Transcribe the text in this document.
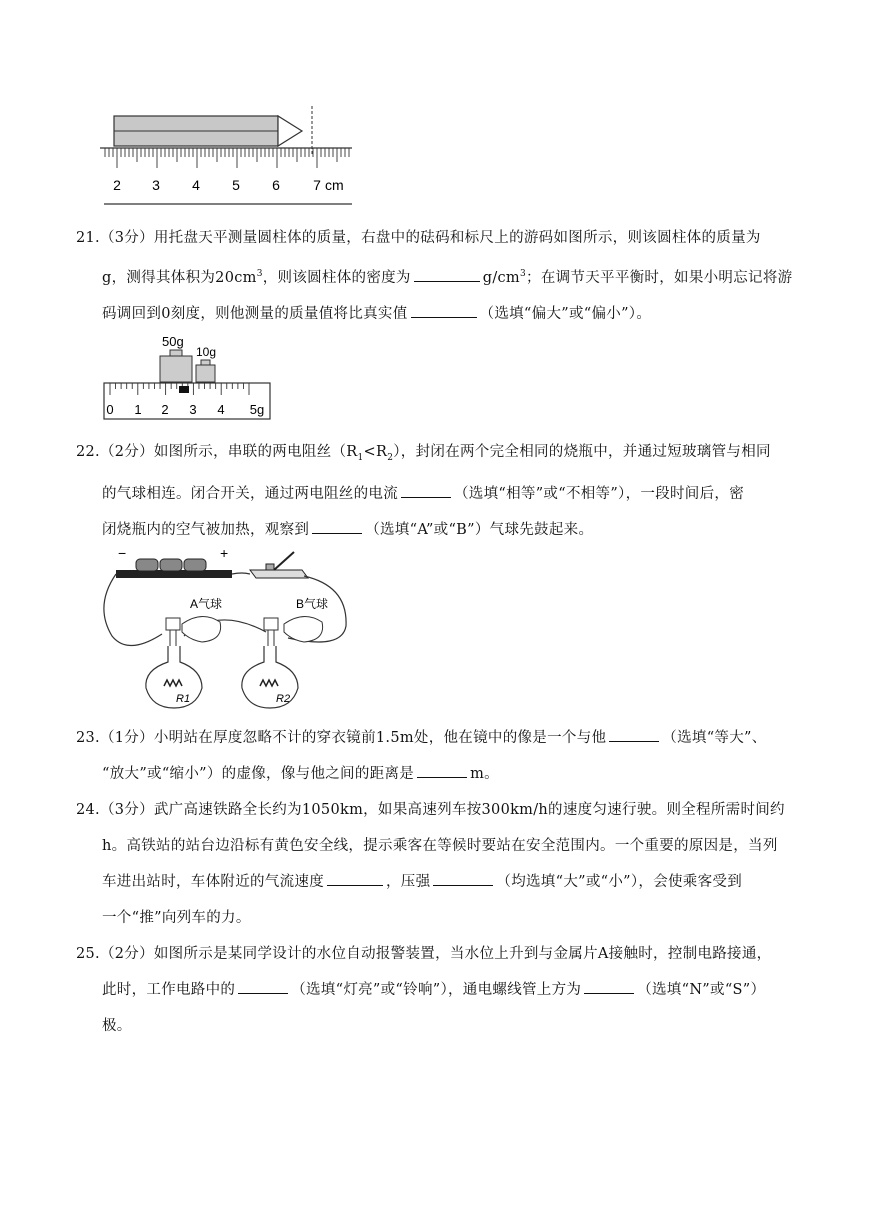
2 3 4 5 6 7 cm

21.（3分）用托盘天平测量圆柱体的质量，右盘中的砝码和标尺上的游码如图所示，则该圆柱体的质量为

g，测得其体积为$20cm^3$，则该圆柱体的密度为	$g/cm^3$；在调节天平平衡时，如果小明忘记将游

码调回到0刻度，则他测量的质量值将比真实值	（选填“偏大”或“偏小”）。

50g
10g
0 1 2 3 4 5g

22.（2分）如图所示，串联的两电阻丝$(R_1<R_2)$，封闭在两个完全相同的烧瓶中，并通过短玻璃管与相同

的气球相连。闭合开关，通过两电阻丝的电流	（选填“相等”或“不相等”），一段时间后，密

闭烧瓶内的空气被加热，观察到	（选填“A”或“B”）气球先鼓起来。

−	+
A气球
R1
B气球
R2

23.（1分）小明站在厚度忽略不计的穿衣镜前1.5m处，他在镜中的像是一个与他	（选填“等大”、

“放大”或“缩小”）的虚像，像与他之间的距离是	m。

24.（3分）武广高速铁路全长约为1050km，如果高速列车按300km/h的速度匀速行驶。则全程所需时间约

h。高铁站的站台边沿标有黄色安全线，提示乘客在等候时要站在安全范围内。一个重要的原因是，当列

车进出站时，车体附近的气流速度	，压强	（均选填“大”或“小”），会使乘客受到

一个“推”向列车的力。

25.（2分）如图所示是某同学设计的水位自动报警装置，当水位上升到与金属片A接触时，控制电路接通，

此时，工作电路中的	（选填“灯亮”或“铃响”），通电螺线管上方为	（选填“N”或“S”）

极。
